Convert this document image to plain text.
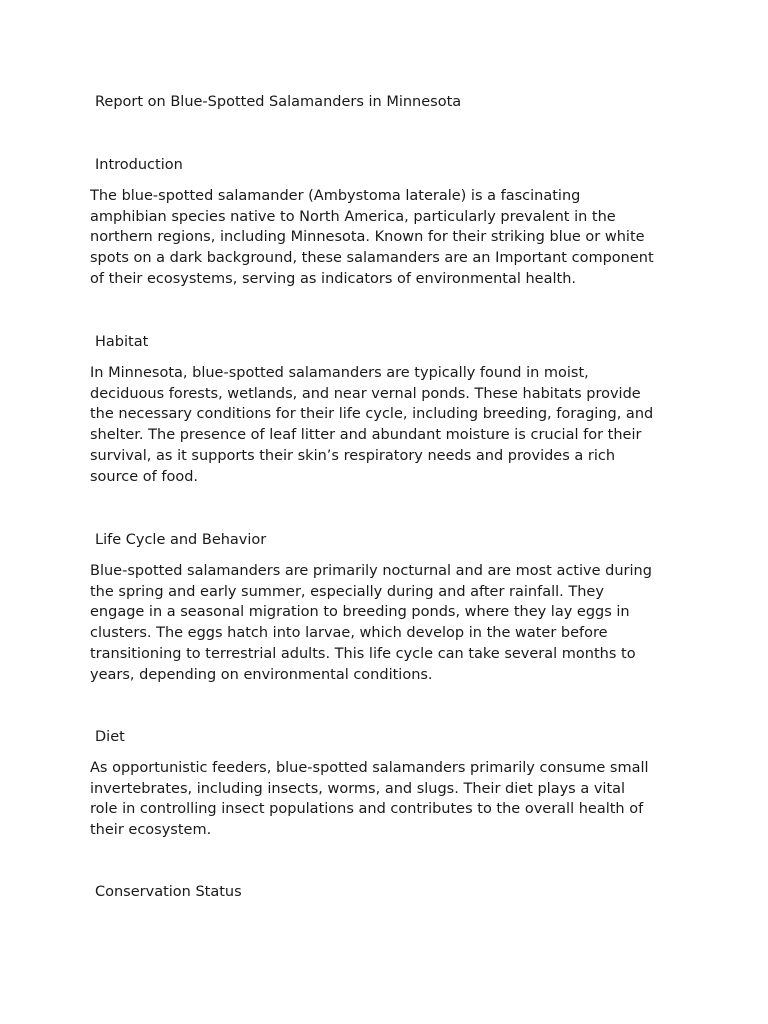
Report on Blue-Spotted Salamanders in Minnesota
Introduction
The blue-spotted salamander (Ambystoma laterale) is a fascinating
amphibian species native to North America, particularly prevalent in the
northern regions, including Minnesota. Known for their striking blue or white
spots on a dark background, these salamanders are an Important component
of their ecosystems, serving as indicators of environmental health.
Habitat
In Minnesota, blue-spotted salamanders are typically found in moist,
deciduous forests, wetlands, and near vernal ponds. These habitats provide
the necessary conditions for their life cycle, including breeding, foraging, and
shelter. The presence of leaf litter and abundant moisture is crucial for their
survival, as it supports their skin’s respiratory needs and provides a rich
source of food.
Life Cycle and Behavior
Blue-spotted salamanders are primarily nocturnal and are most active during
the spring and early summer, especially during and after rainfall. They
engage in a seasonal migration to breeding ponds, where they lay eggs in
clusters. The eggs hatch into larvae, which develop in the water before
transitioning to terrestrial adults. This life cycle can take several months to
years, depending on environmental conditions.
Diet
As opportunistic feeders, blue-spotted salamanders primarily consume small
invertebrates, including insects, worms, and slugs. Their diet plays a vital
role in controlling insect populations and contributes to the overall health of
their ecosystem.
Conservation Status
